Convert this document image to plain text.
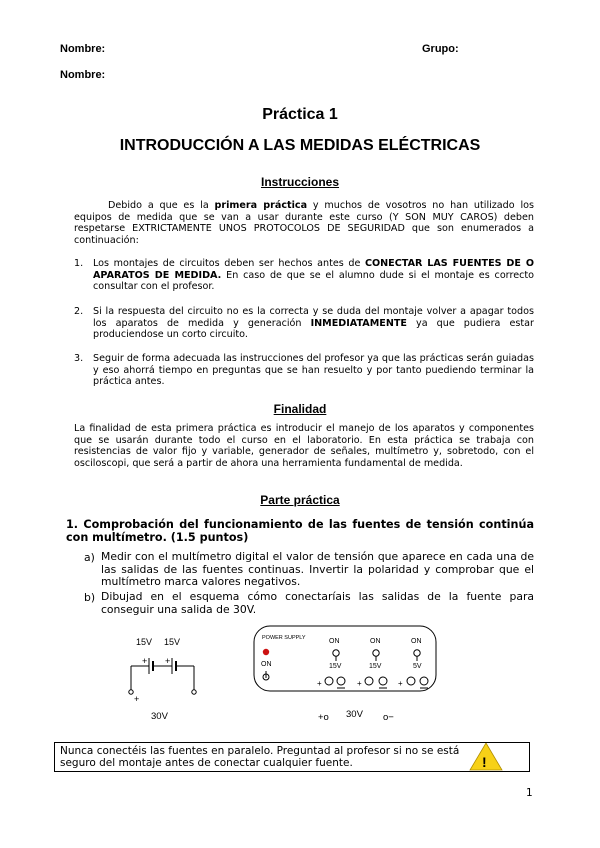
Nombre:	Grupo:
Nombre:
Práctica 1
INTRODUCCIÓN A LAS MEDIDAS ELÉCTRICAS
Instrucciones
Debido a que es la primera práctica y muchos de vosotros no han utilizado los equipos de medida que se van a usar durante este curso (Y SON MUY CAROS) deben respetarse EXTRICTAMENTE UNOS PROTOCOLOS DE SEGURIDAD que son enumerados a continuación:
1. Los montajes de circuitos deben ser hechos antes de CONECTAR LAS FUENTES DE O APARATOS DE MEDIDA. En caso de que se el alumno dude si el montaje es correcto consultar con el profesor.
2. Si la respuesta del circuito no es la correcta y se duda del montaje volver a apagar todos los aparatos de medida y generación INMEDIATAMENTE ya que pudiera estar produciendose un corto circuito.
3. Seguir de forma adecuada las instrucciones del profesor ya que las prácticas serán guiadas y eso ahorrá tiempo en preguntas que se han resuelto y por tanto puediendo terminar la práctica antes.
Finalidad
La finalidad de esta primera práctica es introducir el manejo de los aparatos y componentes que se usarán durante todo el curso en el laboratorio. En esta práctica se trabaja con resistencias de valor fijo y variable, generador de señales, multímetro y, sobretodo, con el osciloscopi, que será a partir de ahora una herramienta fundamental de medida.
Parte práctica
1. Comprobación del funcionamiento de las fuentes de tensión continúa con multímetro. (1.5 puntos)
a) Medir con el multímetro digital el valor de tensión que aparece en cada una de las salidas de las fuentes continuas. Invertir la polaridad y comprobar que el multímetro marca valores negativos.
b) Dibujad en el esquema cómo conectaríais las salidas de la fuente para conseguir una salida de 30V.
15V 15V
+ +
+
30V
POWER SUPPLY
ON
ON
15V
ON
15V
ON
5V
+	+	+
+o 30V o−
!
Nunca conectéis las fuentes en paralelo. Preguntad al profesor si no se está seguro del montaje antes de conectar cualquier fuente.
1
